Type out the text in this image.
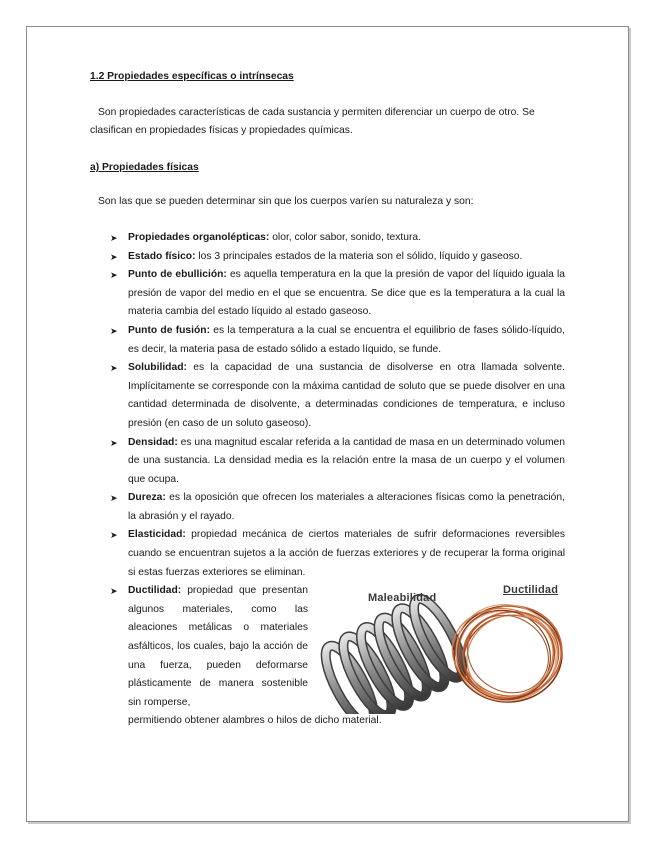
1.2 Propiedades específicas o intrínsecas

Son propiedades características de cada sustancia y permiten diferenciar un cuerpo de otro. Se clasifican en propiedades físicas y propiedades químicas.

a) Propiedades físicas

Son las que se pueden determinar sin que los cuerpos varíen su naturaleza y son:

➤ Propiedades organolépticas: olor, color sabor, sonido, textura.
➤ Estado físico: los 3 principales estados de la materia son el sólido, líquido y gaseoso.
➤ Punto de ebullición: es aquella temperatura en la que la presión de vapor del líquido iguala la presión de vapor del medio en el que se encuentra. Se dice que es la temperatura a la cual la materia cambia del estado líquido al estado gaseoso.
➤ Punto de fusión: es la temperatura a la cual se encuentra el equilibrio de fases sólido-líquido, es decir, la materia pasa de estado sólido a estado líquido, se funde.
➤ Solubilidad: es la capacidad de una sustancia de disolverse en otra llamada solvente. Implícitamente se corresponde con la máxima cantidad de soluto que se puede disolver en una cantidad determinada de disolvente, a determinadas condiciones de temperatura, e incluso presión (en caso de un soluto gaseoso).
➤ Densidad: es una magnitud escalar referida a la cantidad de masa en un determinado volumen de una sustancia. La densidad media es la relación entre la masa de un cuerpo y el volumen que ocupa.
➤ Dureza: es la oposición que ofrecen los materiales a alteraciones físicas como la penetración, la abrasión y el rayado.
➤ Elasticidad: propiedad mecánica de ciertos materiales de sufrir deformaciones reversibles cuando se encuentran sujetos a la acción de fuerzas exteriores y de recuperar la forma original si estas fuerzas exteriores se eliminan.
➤ Ductilidad: propiedad que presentan algunos materiales, como las aleaciones metálicas o materiales asfálticos, los cuales, bajo la acción de una fuerza, pueden deformarse plásticamente de manera sostenible sin romperse,

permitiendo obtener alambres o hilos de dicho material.

Maleabilidad
Ductilidad
